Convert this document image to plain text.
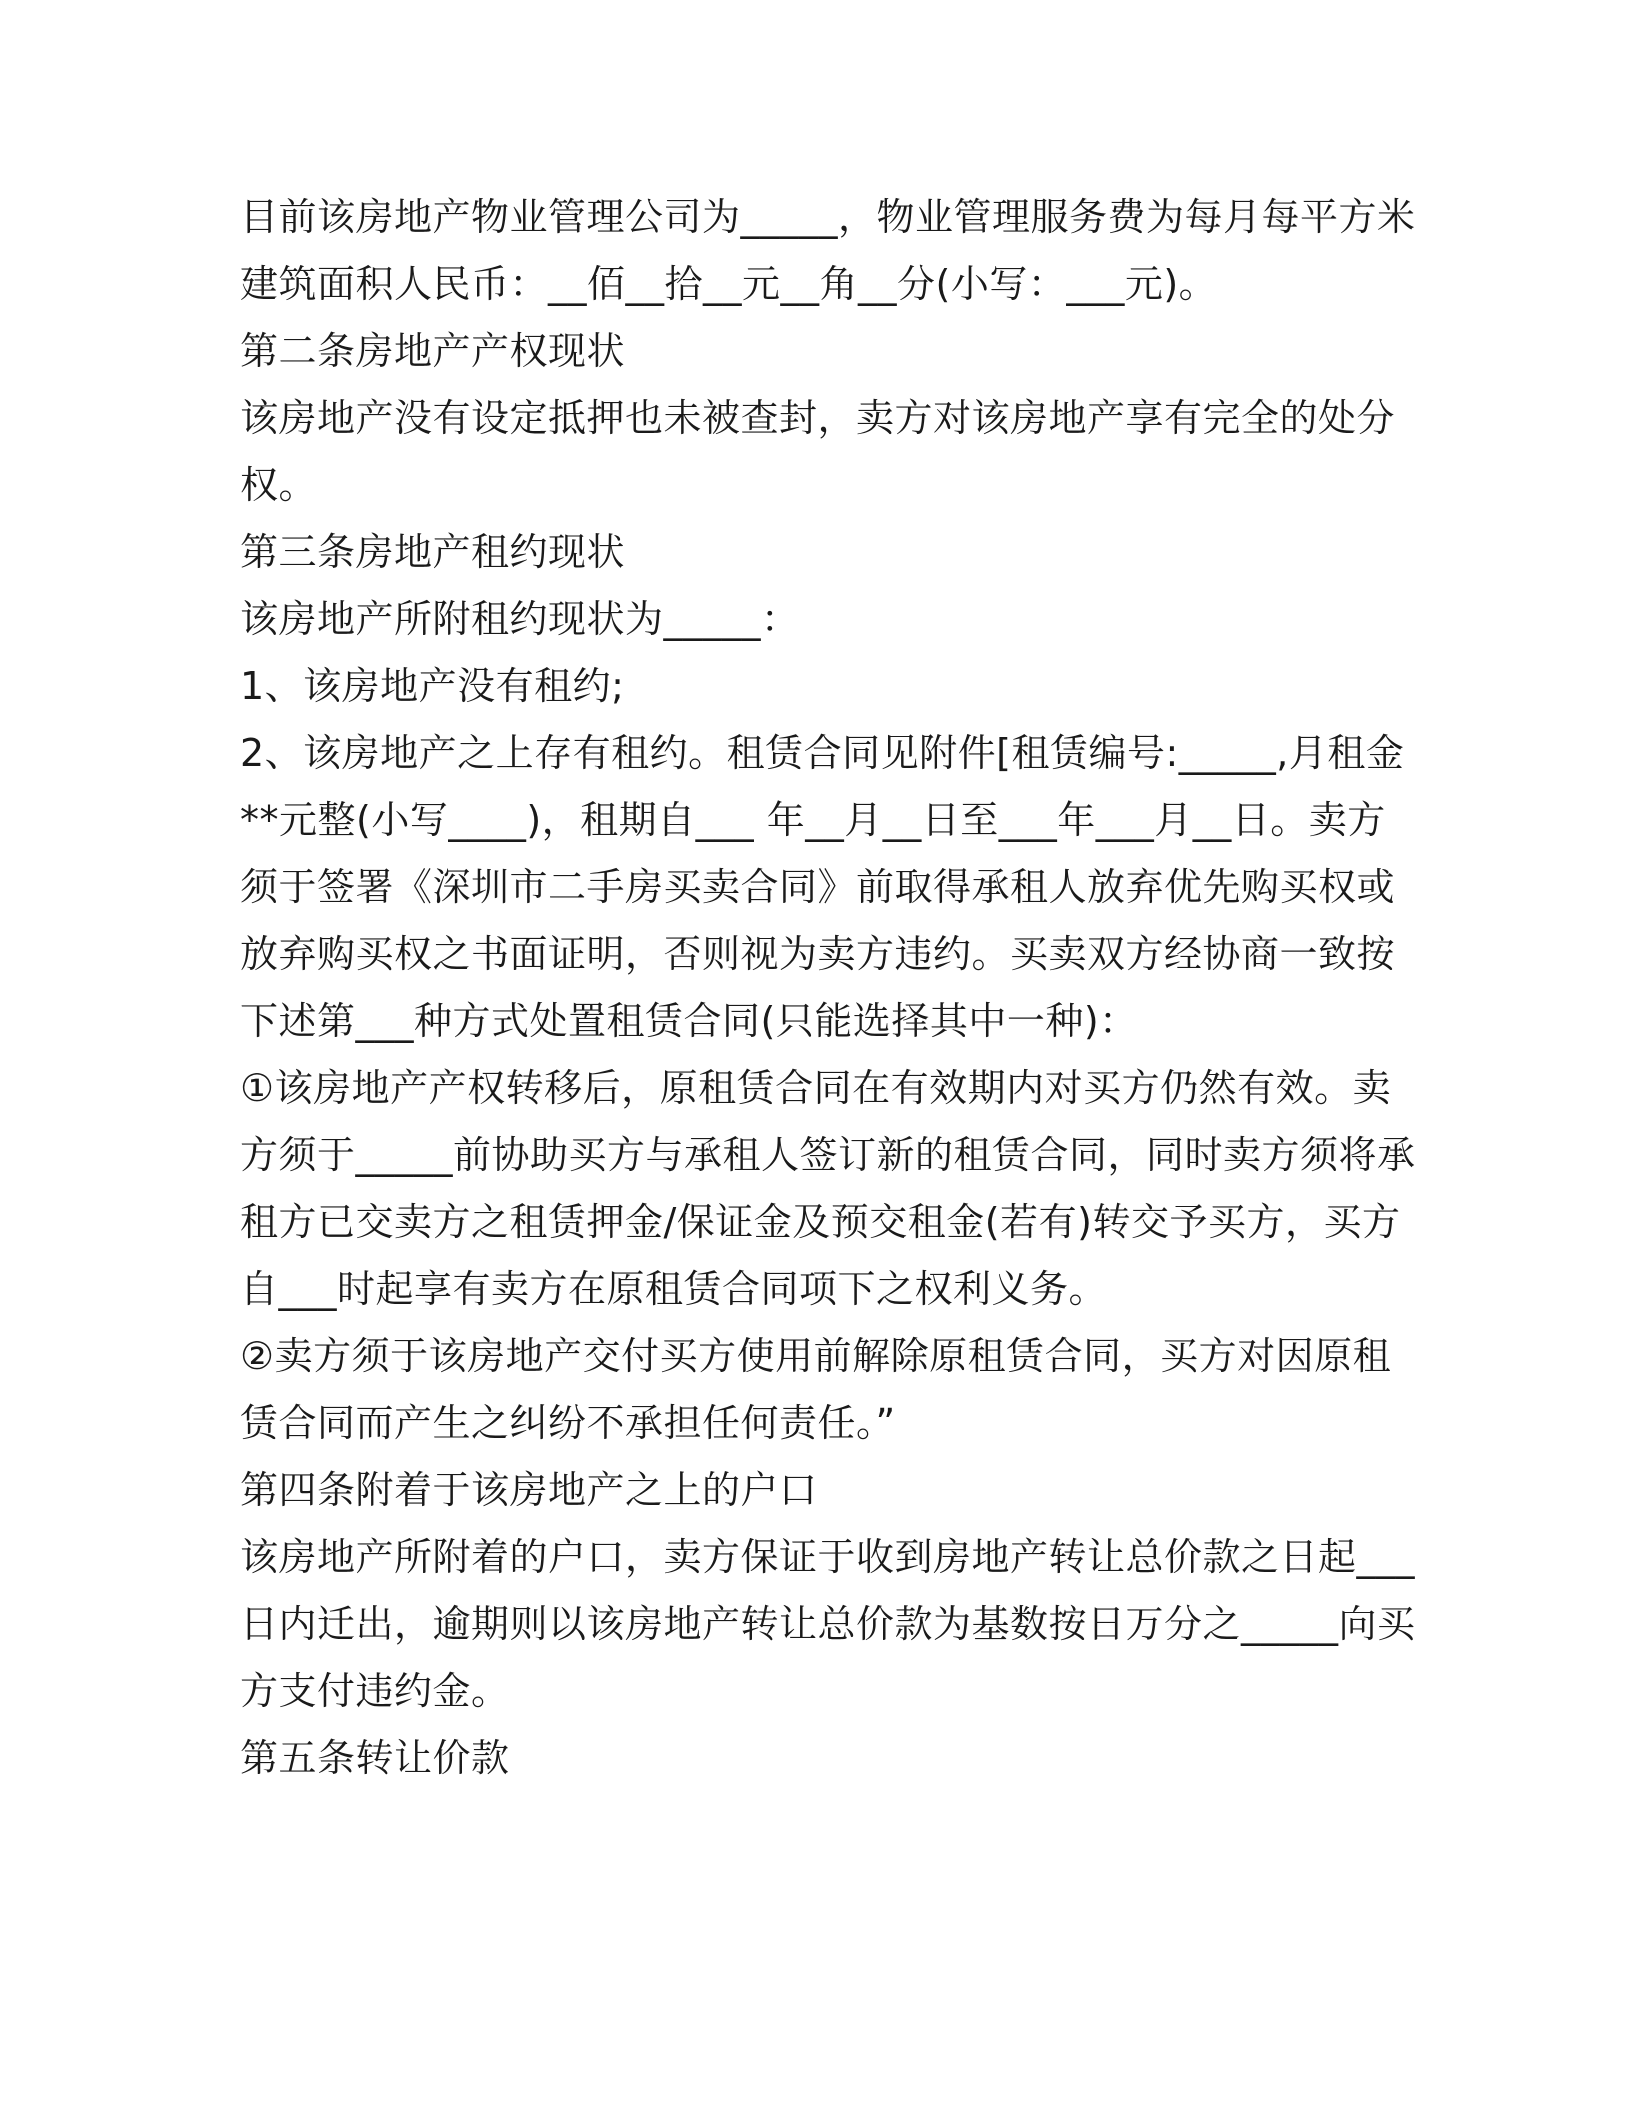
目前该房地产物业管理公司为_____，物业管理服务费为每月每平方米
建筑面积人民币：__佰__拾__元__角__分(小写：___元)。
第二条房地产产权现状
该房地产没有设定抵押也未被查封，卖方对该房地产享有完全的处分
权。
第三条房地产租约现状
该房地产所附租约现状为_____：
1、该房地产没有租约;
2、该房地产之上存有租约。租赁合同见附件[租赁编号:_____,月租金
**元整(小写____)，租期自___ 年__月__日至___年___月__日。卖方
须于签署《深圳市二手房买卖合同》前取得承租人放弃优先购买权或
放弃购买权之书面证明，否则视为卖方违约。买卖双方经协商一致按
下述第___种方式处置租赁合同(只能选择其中一种)：
①该房地产产权转移后，原租赁合同在有效期内对买方仍然有效。卖
方须于_____前协助买方与承租人签订新的租赁合同，同时卖方须将承
租方已交卖方之租赁押金/保证金及预交租金(若有)转交予买方，买方
自___时起享有卖方在原租赁合同项下之权利义务。
②卖方须于该房地产交付买方使用前解除原租赁合同，买方对因原租
赁合同而产生之纠纷不承担任何责任。”
第四条附着于该房地产之上的户口
该房地产所附着的户口，卖方保证于收到房地产转让总价款之日起___
日内迁出，逾期则以该房地产转让总价款为基数按日万分之_____向买
方支付违约金。
第五条转让价款
